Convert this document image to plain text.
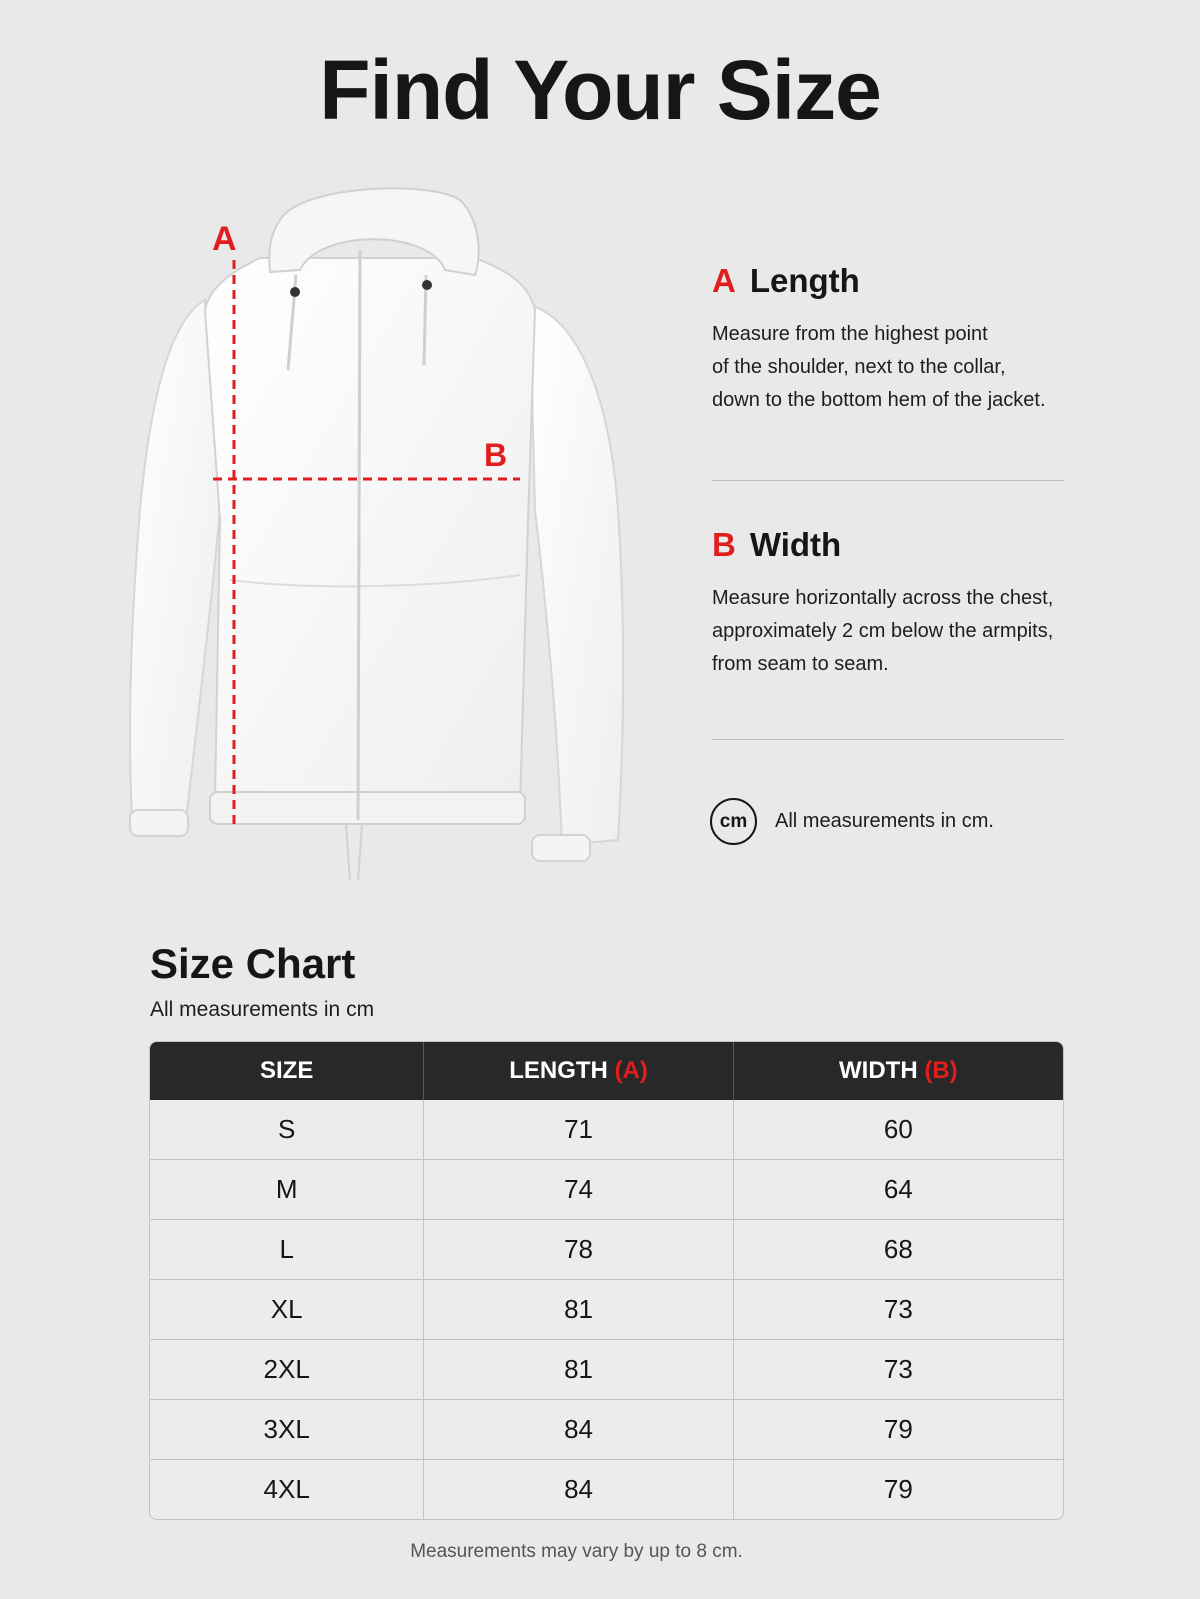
Find Your Size
A
B
A Length
Measure from the highest point
of the shoulder, next to the collar,
down to the bottom hem of the jacket.
B Width
Measure horizontally across the chest,
approximately 2 cm below the armpits,
from seam to seam.
cm	All measurements in cm.
Size Chart
All measurements in cm
SIZE	LENGTH (A)	WIDTH (B)
S	71	60
M	74	64
L	78	68
XL	81	73
2XL	81	73
3XL	84	79
4XL	84	79
Measurements may vary by up to 8 cm.
